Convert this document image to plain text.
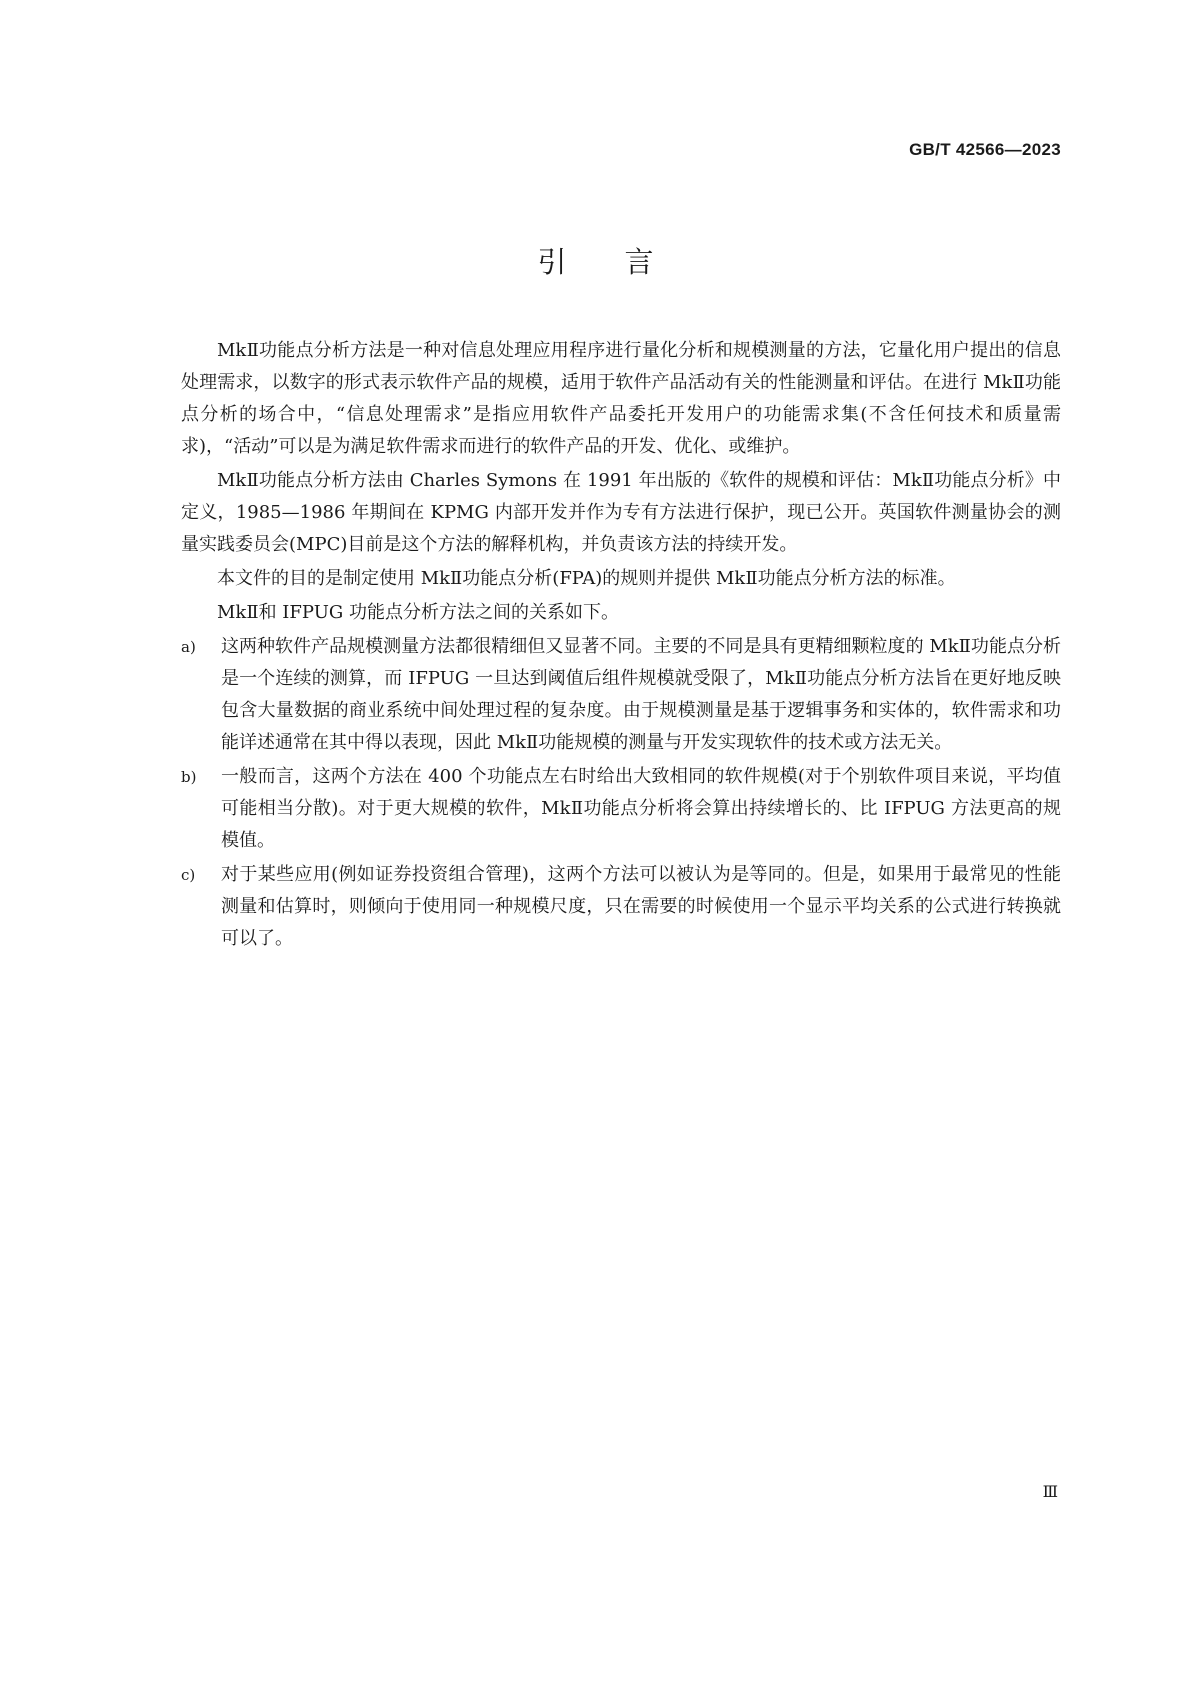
GB/T 42566—2023
引言

MkⅡ功能点分析方法是一种对信息处理应用程序进行量化分析和规模测量的方法，它量化用户提出的信息处理需求，以数字的形式表示软件产品的规模，适用于软件产品活动有关的性能测量和评估。在进行 MkⅡ功能点分析的场合中，“信息处理需求”是指应用软件产品委托开发用户的功能需求集(不含任何技术和质量需求)，“活动”可以是为满足软件需求而进行的软件产品的开发、优化、或维护。

MkⅡ功能点分析方法由 Charles Symons 在 1991 年出版的《软件的规模和评估：MkⅡ功能点分析》中定义，1985—1986 年期间在 KPMG 内部开发并作为专有方法进行保护，现已公开。英国软件测量协会的测量实践委员会(MPC)目前是这个方法的解释机构，并负责该方法的持续开发。

本文件的目的是制定使用 MkⅡ功能点分析(FPA)的规则并提供 MkⅡ功能点分析方法的标准。

MkⅡ和 IFPUG 功能点分析方法之间的关系如下。

a) 这两种软件产品规模测量方法都很精细但又显著不同。主要的不同是具有更精细颗粒度的 MkⅡ功能点分析是一个连续的测算，而 IFPUG 一旦达到阈值后组件规模就受限了，MkⅡ功能点分析方法旨在更好地反映包含大量数据的商业系统中间处理过程的复杂度。由于规模测量是基于逻辑事务和实体的，软件需求和功能详述通常在其中得以表现，因此 MkⅡ功能规模的测量与开发实现软件的技术或方法无关。
b) 一般而言，这两个方法在 400 个功能点左右时给出大致相同的软件规模(对于个别软件项目来说，平均值可能相当分散)。对于更大规模的软件，MkⅡ功能点分析将会算出持续增长的、比 IFPUG 方法更高的规模值。
c) 对于某些应用(例如证券投资组合管理)，这两个方法可以被认为是等同的。但是，如果用于最常见的性能测量和估算时，则倾向于使用同一种规模尺度，只在需要的时候使用一个显示平均关系的公式进行转换就可以了。
Ⅲ
